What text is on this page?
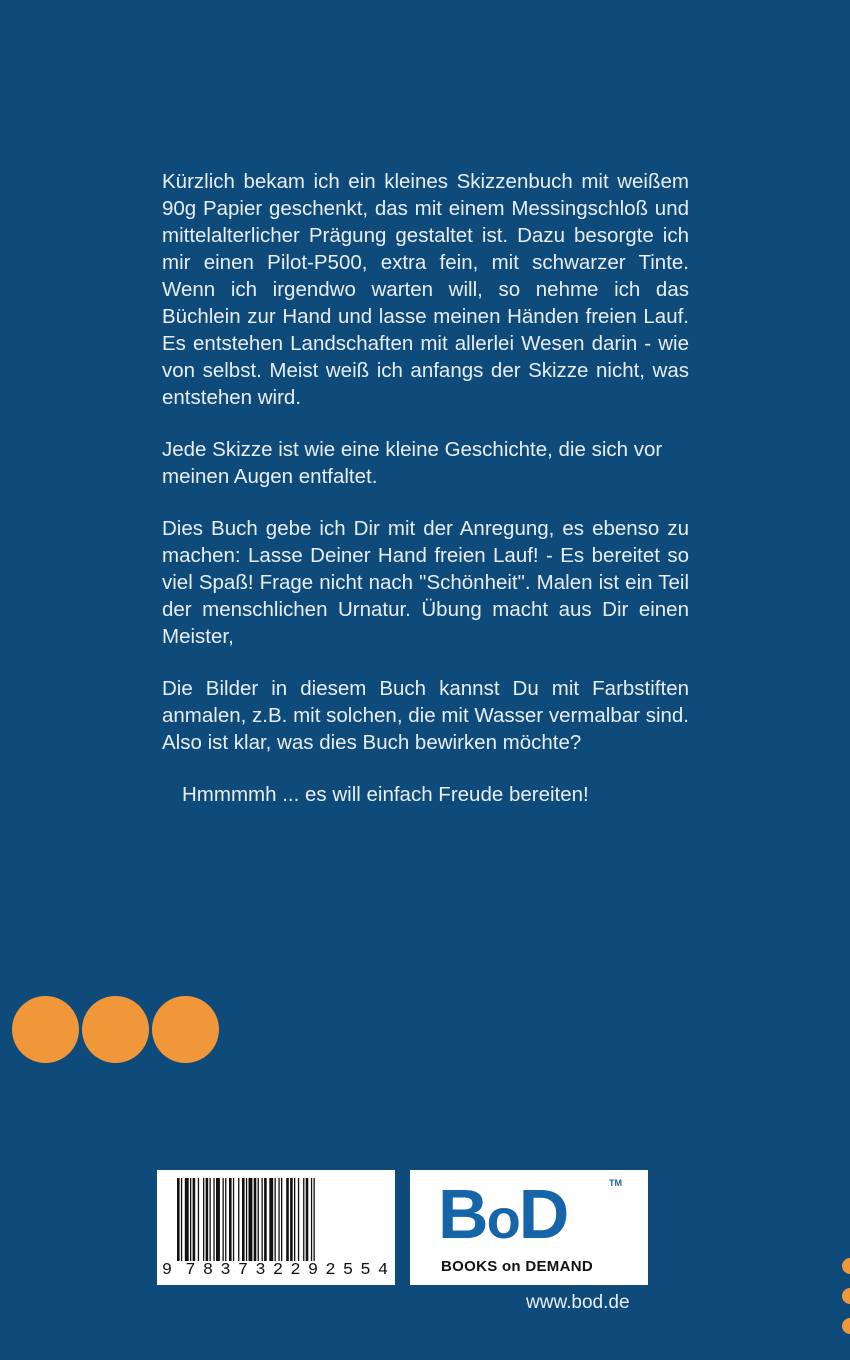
Kürzlich bekam ich ein kleines Skizzenbuch mit weißem 90g Papier geschenkt, das mit einem Messingschloß und mittelalterlicher Prägung gestaltet ist. Dazu besorgte ich mir einen Pilot-P500, extra fein, mit schwarzer Tinte. Wenn ich irgendwo warten will, so nehme ich das Büchlein zur Hand und lasse meinen Händen freien Lauf. Es entstehen Landschaften mit allerlei Wesen darin - wie von selbst. Meist weiß ich anfangs der Skizze nicht, was entstehen wird.

Jede Skizze ist wie eine kleine Geschichte, die sich vor meinen Augen entfaltet.

Dies Buch gebe ich Dir mit der Anregung, es ebenso zu machen: Lasse Deiner Hand freien Lauf! - Es bereitet so viel Spaß! Frage nicht nach "Schönheit". Malen ist ein Teil der menschlichen Urnatur. Übung macht aus Dir einen Meister,

Die Bilder in diesem Buch kannst Du mit Farbstiften anmalen, z.B. mit solchen, die mit Wasser vermalbar sind. Also ist klar, was dies Buch bewirken möchte?

Hmmmmh ... es will einfach Freude bereiten!

9 7 8 3 7 3 2 2 9 2 5 5 4
BoD	TM
BOOKS on DEMAND
www.bod.de
